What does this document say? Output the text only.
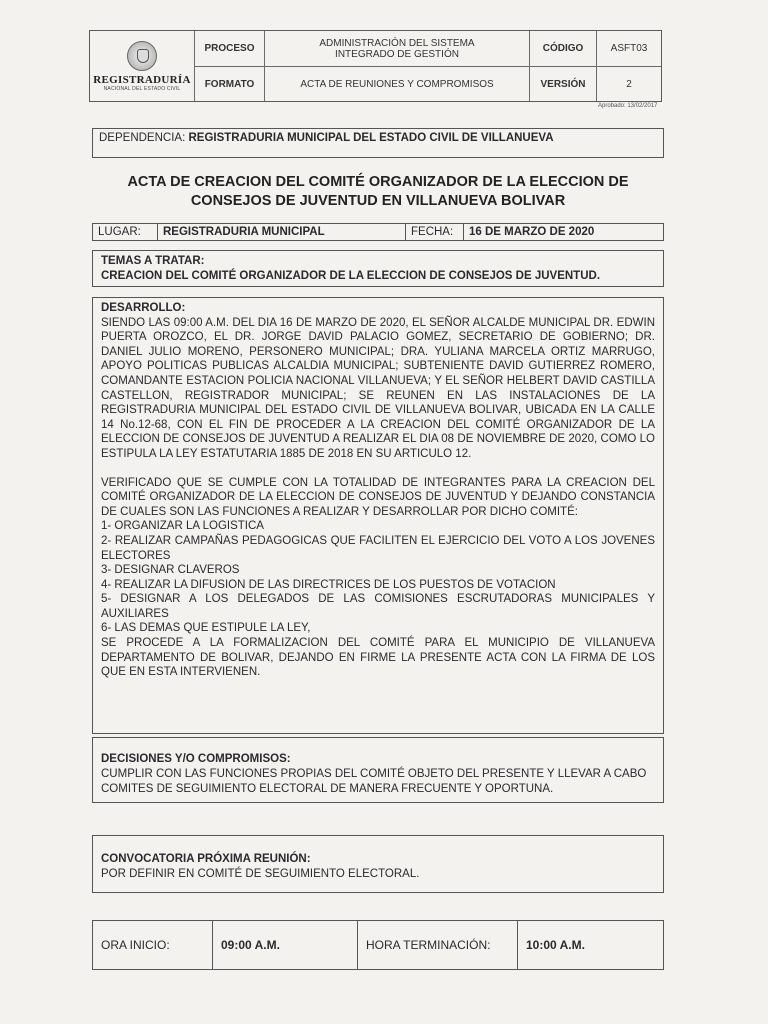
REGISTRADURÍA
NACIONAL DEL ESTADO CIVIL
PROCESO	ADMINISTRACIÓN DEL SISTEMA INTEGRADO DE GESTIÓN	CÓDIGO	ASFT03
FORMATO	ACTA DE REUNIONES Y COMPROMISOS	VERSIÓN	2
Aprobado: 13/02/2017
DEPENDENCIA: REGISTRADURIA MUNICIPAL DEL ESTADO CIVIL DE VILLANUEVA
ACTA DE CREACION DEL COMITÉ ORGANIZADOR DE LA ELECCION DE
CONSEJOS DE JUVENTUD EN VILLANUEVA BOLIVAR
LUGAR:	REGISTRADURIA MUNICIPAL	FECHA:	16 DE MARZO DE 2020
TEMAS A TRATAR:
CREACION DEL COMITÉ ORGANIZADOR DE LA ELECCION DE CONSEJOS DE JUVENTUD.
DESARROLLO:

SIENDO LAS 09:00 A.M. DEL DIA 16 DE MARZO DE 2020, EL SEÑOR ALCALDE MUNICIPAL DR. EDWIN PUERTA OROZCO, EL DR. JORGE DAVID PALACIO GOMEZ, SECRETARIO DE GOBIERNO; DR. DANIEL JULIO MORENO, PERSONERO MUNICIPAL; DRA. YULIANA MARCELA ORTIZ MARRUGO, APOYO POLITICAS PUBLICAS ALCALDIA MUNICIPAL; SUBTENIENTE DAVID GUTIERREZ ROMERO, COMANDANTE ESTACION POLICIA NACIONAL VILLANUEVA; Y EL SEÑOR HELBERT DAVID CASTILLA CASTELLON, REGISTRADOR MUNICIPAL; SE REUNEN EN LAS INSTALACIONES DE LA REGISTRADURIA MUNICIPAL DEL ESTADO CIVIL DE VILLANUEVA BOLIVAR, UBICADA EN LA CALLE 14 No.12-68, CON EL FIN DE PROCEDER A LA CREACION DEL COMITÉ ORGANIZADOR DE LA ELECCION DE CONSEJOS DE JUVENTUD A REALIZAR EL DIA 08 DE NOVIEMBRE DE 2020, COMO LO ESTIPULA LA LEY ESTATUTARIA 1885 DE 2018 EN SU ARTICULO 12.

VERIFICADO QUE SE CUMPLE CON LA TOTALIDAD DE INTEGRANTES PARA LA CREACION DEL COMITÉ ORGANIZADOR DE LA ELECCION DE CONSEJOS DE JUVENTUD Y DEJANDO CONSTANCIA DE CUALES SON LAS FUNCIONES A REALIZAR Y DESARROLLAR POR DICHO COMITÉ:

1- ORGANIZAR LA LOGISTICA

2- REALIZAR CAMPAÑAS PEDAGOGICAS QUE FACILITEN EL EJERCICIO DEL VOTO A LOS JOVENES ELECTORES

3- DESIGNAR CLAVEROS

4- REALIZAR LA DIFUSION DE LAS DIRECTRICES DE LOS PUESTOS DE VOTACION

5- DESIGNAR A LOS DELEGADOS DE LAS COMISIONES ESCRUTADORAS MUNICIPALES Y AUXILIARES

6- LAS DEMAS QUE ESTIPULE LA LEY,

SE PROCEDE A LA FORMALIZACION DEL COMITÉ PARA EL MUNICIPIO DE VILLANUEVA DEPARTAMENTO DE BOLIVAR, DEJANDO EN FIRME LA PRESENTE ACTA CON LA FIRMA DE LOS QUE EN ESTA INTERVIENEN.

DECISIONES Y/O COMPROMISOS:
CUMPLIR CON LAS FUNCIONES PROPIAS DEL COMITÉ OBJETO DEL PRESENTE Y LLEVAR A CABO COMITES DE SEGUIMIENTO ELECTORAL DE MANERA FRECUENTE Y OPORTUNA.
CONVOCATORIA PRÓXIMA REUNIÓN:
POR DEFINIR EN COMITÉ DE SEGUIMIENTO ELECTORAL.
ORA INICIO:	09:00 A.M.	HORA TERMINACIÓN:	10:00 A.M.
